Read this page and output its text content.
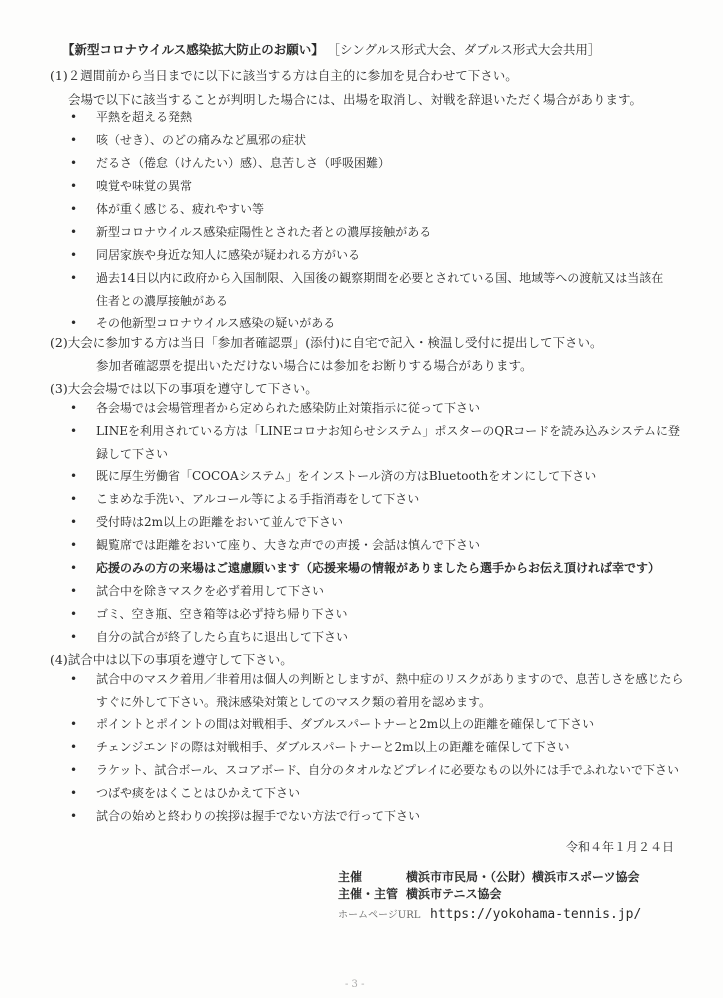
【新型コロナウイルス感染拡大防止のお願い】 ［シングルス形式大会、ダブルス形式大会共用］
(1)２週間前から当日までに以下に該当する方は自主的に参加を見合わせて下さい。
会場で以下に該当することが判明した場合には、出場を取消し、対戦を辞退いただく場合があります。
• 平熱を超える発熱
• 咳（せき）、のどの痛みなど風邪の症状
• だるさ（倦怠（けんたい）感）、息苦しさ（呼吸困難）
• 嗅覚や味覚の異常
• 体が重く感じる、疲れやすい等
• 新型コロナウイルス感染症陽性とされた者との濃厚接触がある
• 同居家族や身近な知人に感染が疑われる方がいる
• 過去14日以内に政府から入国制限、入国後の観察期間を必要とされている国、地域等への渡航又は当該在
住者との濃厚接触がある
• その他新型コロナウイルス感染の疑いがある
(2)大会に参加する方は当日「参加者確認票」(添付)に自宅で記入・検温し受付に提出して下さい。
参加者確認票を提出いただけない場合には参加をお断りする場合があります。
(3)大会会場では以下の事項を遵守して下さい。
• 各会場では会場管理者から定められた感染防止対策指示に従って下さい
• LINEを利用されている方は「LINEコロナお知らせシステム」ポスターのQRコードを読み込みシステムに登
録して下さい
• 既に厚生労働省「COCOAシステム」をインストール済の方はBluetoothをオンにして下さい
• こまめな手洗い、アルコール等による手指消毒をして下さい
• 受付時は2m以上の距離をおいて並んで下さい
• 観覧席では距離をおいて座り、大きな声での声援・会話は慎んで下さい
• 応援のみの方の来場はご遠慮願います（応援来場の情報がありましたら選手からお伝え頂ければ幸です）
• 試合中を除きマスクを必ず着用して下さい
• ゴミ、空き瓶、空き箱等は必ず持ち帰り下さい
• 自分の試合が終了したら直ちに退出して下さい
(4)試合中は以下の事項を遵守して下さい。
• 試合中のマスク着用／非着用は個人の判断としますが、熱中症のリスクがありますので、息苦しさを感じたら
すぐに外して下さい。飛沫感染対策としてのマスク類の着用を認めます。
• ポイントとポイントの間は対戦相手、ダブルスパートナーと2m以上の距離を確保して下さい
• チェンジエンドの際は対戦相手、ダブルスパートナーと2m以上の距離を確保して下さい
• ラケット、試合ボール、スコアボード、自分のタオルなどプレイに必要なもの以外には手でふれないで下さい
• つばや痰をはくことはひかえて下さい
• 試合の始めと終わりの挨拶は握手でない方法で行って下さい
令和４年１月２４日
主催	横浜市市民局・（公財）横浜市スポーツ協会
主催・主管 横浜市テニス協会
ホームページURL https://yokohama-tennis.jp/
- 3 -
